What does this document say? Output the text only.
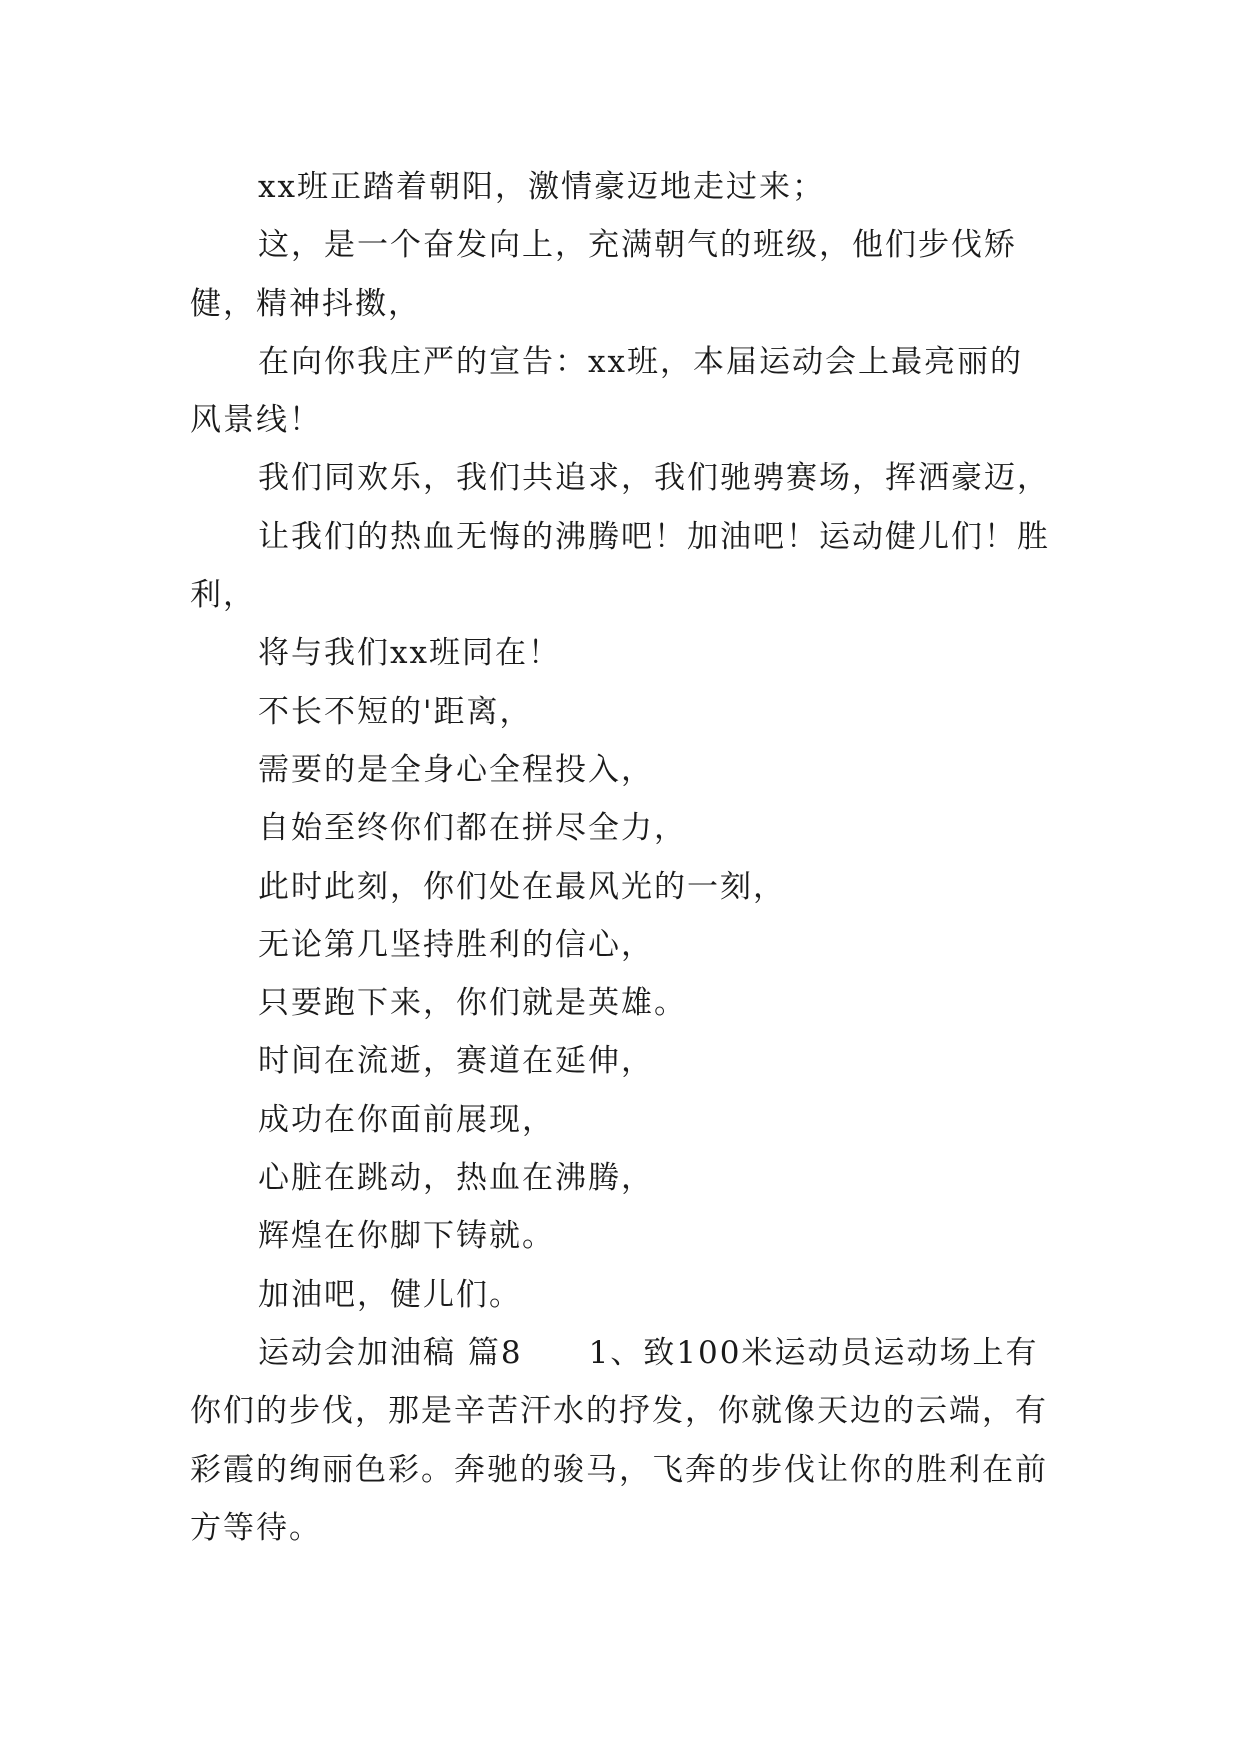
xx班正踏着朝阳，激情豪迈地走过来；

这，是一个奋发向上，充满朝气的班级，他们步伐矫健，精神抖擞，

在向你我庄严的宣告：xx班，本届运动会上最亮丽的风景线！

我们同欢乐，我们共追求，我们驰骋赛场，挥洒豪迈，

让我们的热血无悔的沸腾吧！加油吧！运动健儿们！胜利，

将与我们xx班同在！

不长不短的'距离，

需要的是全身心全程投入，

自始至终你们都在拼尽全力，

此时此刻，你们处在最风光的一刻，

无论第几坚持胜利的信心，

只要跑下来，你们就是英雄。

时间在流逝，赛道在延伸，

成功在你面前展现，

心脏在跳动，热血在沸腾，

辉煌在你脚下铸就。

加油吧，健儿们。

运动会加油稿 篇8　　1、致100米运动员运动场上有你们的步伐，那是辛苦汗水的抒发，你就像天边的云端，有彩霞的绚丽色彩。奔驰的骏马，飞奔的步伐让你的胜利在前方等待。
